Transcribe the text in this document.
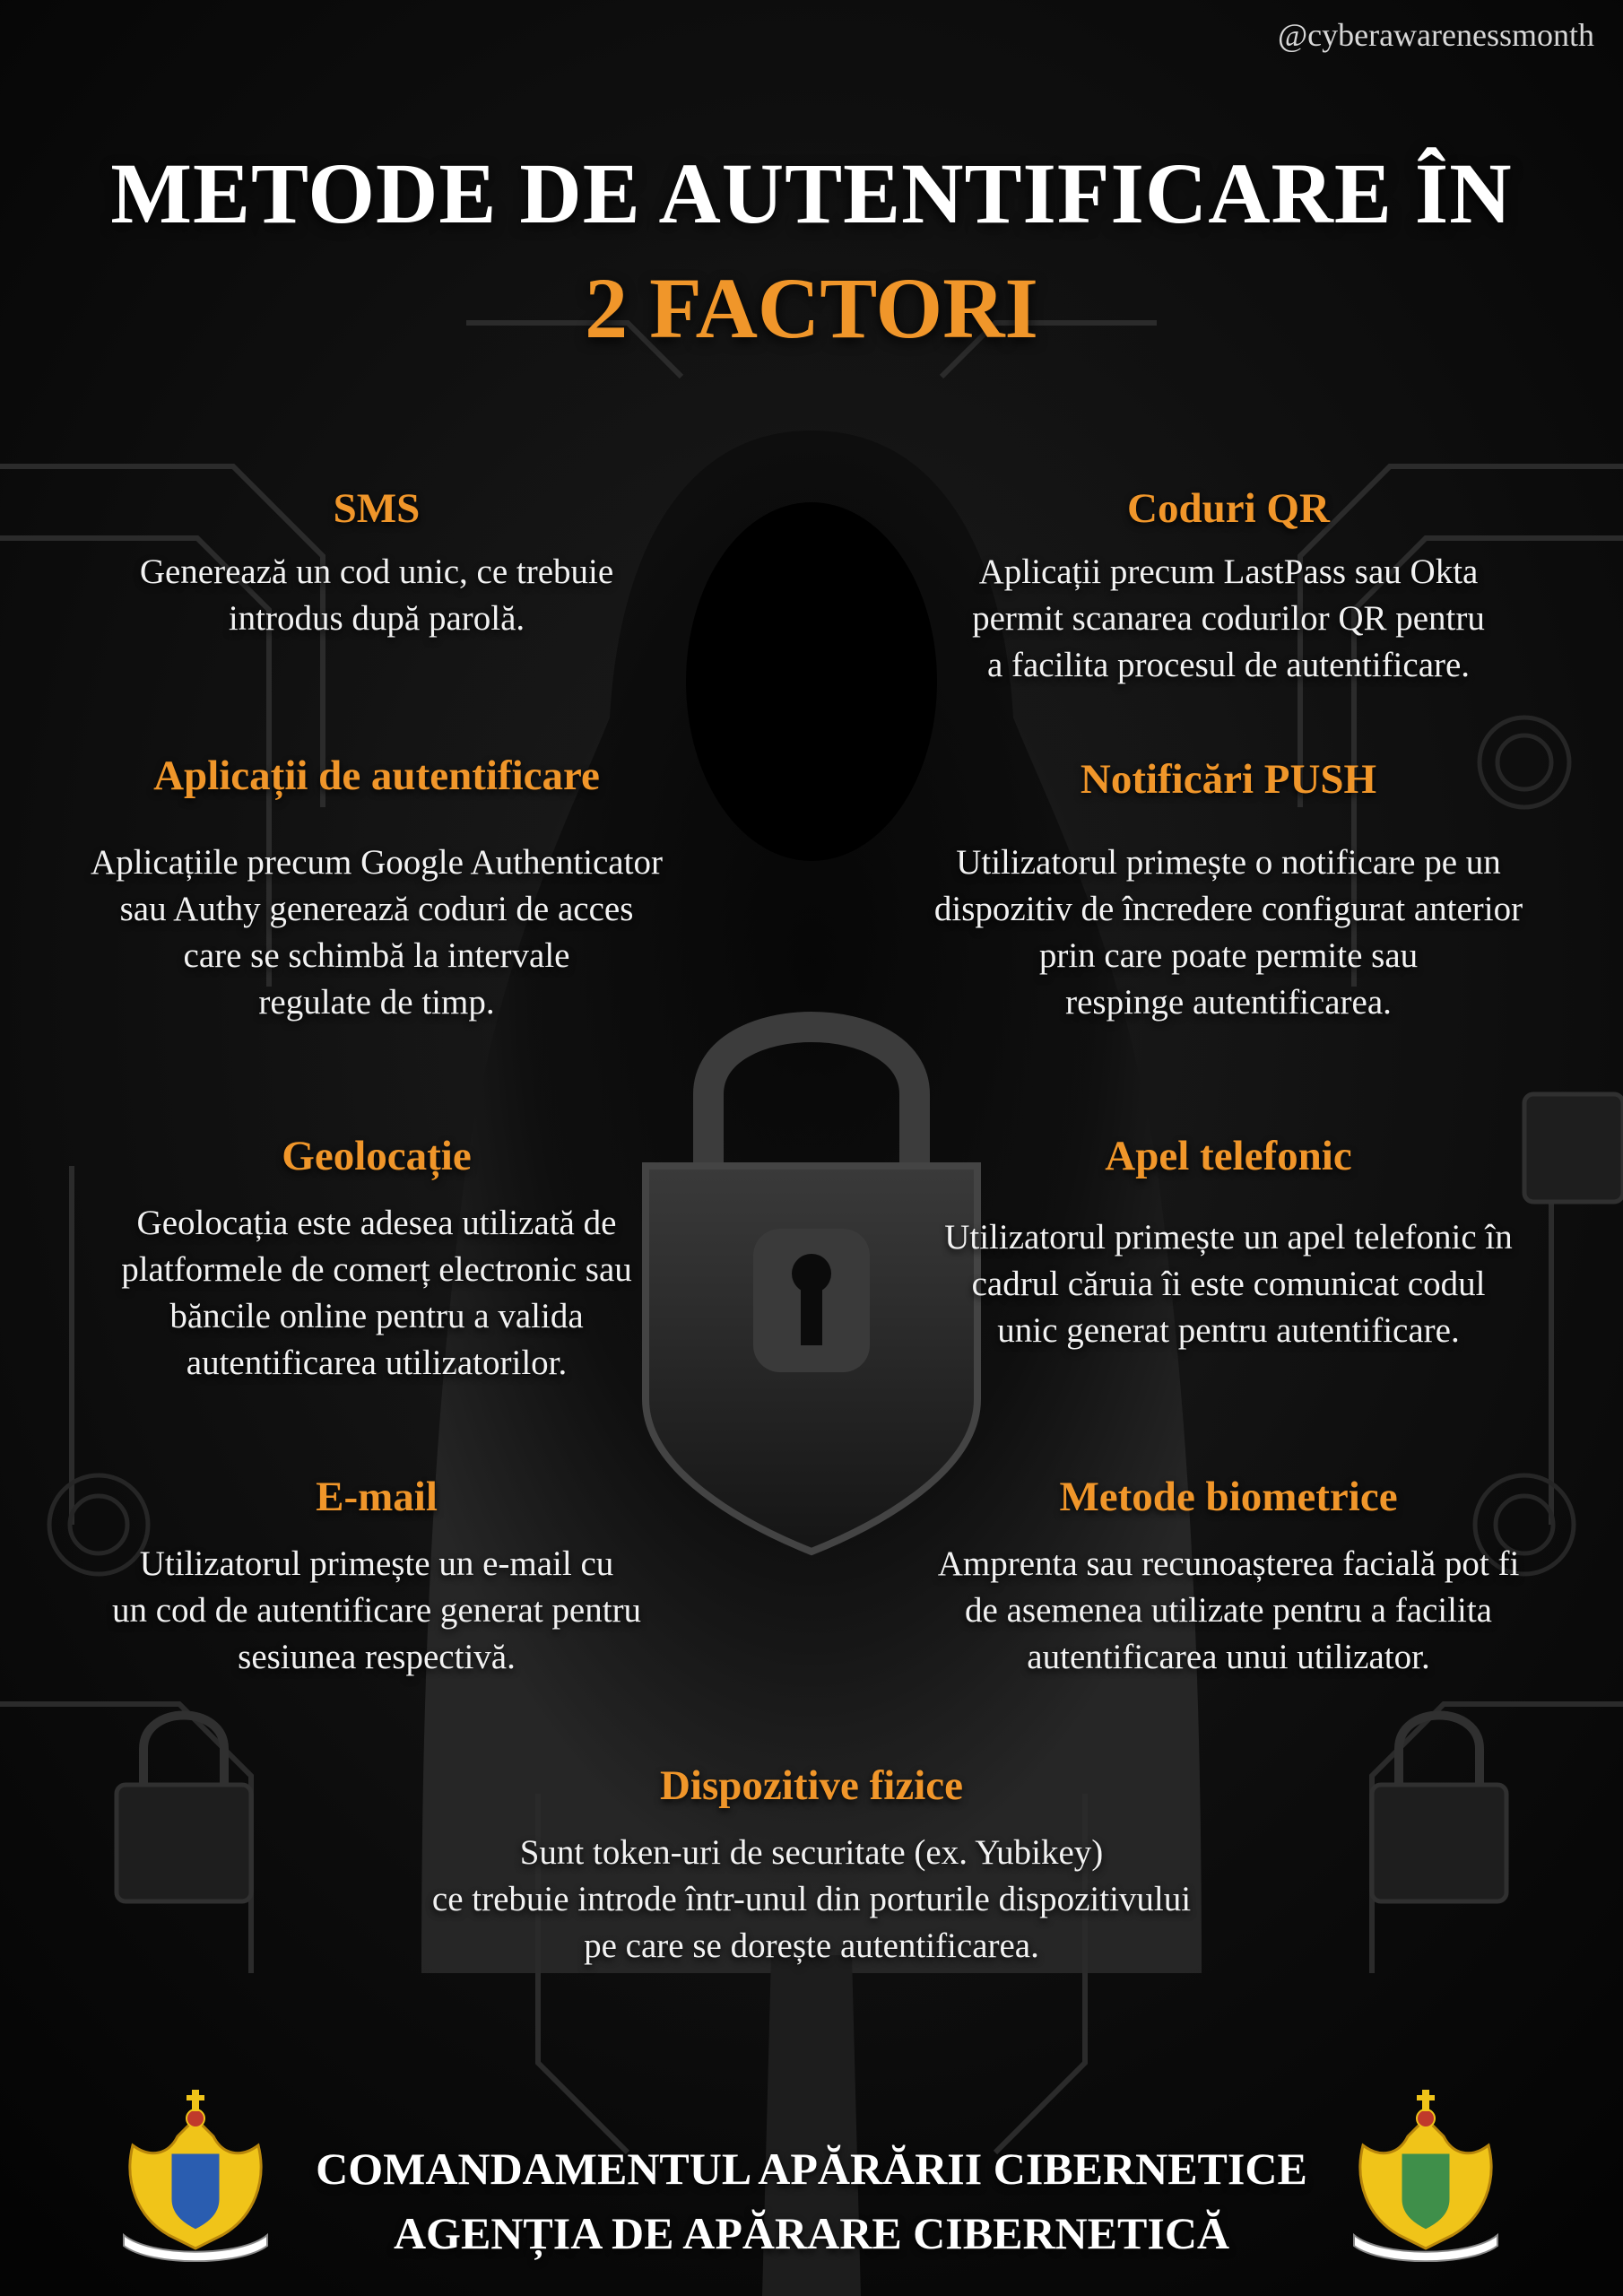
@cyberawarenessmonth
METODE DE AUTENTIFICARE ÎN
2 FACTORI
SMS
Generează un cod unic, ce trebuie
introdus după parolă.
Coduri QR
Aplicații precum LastPass sau Okta
permit scanarea codurilor QR pentru
a facilita procesul de autentificare.
Aplicații de autentificare
Aplicațiile precum Google Authenticator
sau Authy generează coduri de acces
care se schimbă la intervale
regulate de timp.
Notificări PUSH
Utilizatorul primește o notificare pe un
dispozitiv de încredere configurat anterior
prin care poate permite sau
respinge autentificarea.
Geolocație
Geolocația este adesea utilizată de
platformele de comerț electronic sau
băncile online pentru a valida
autentificarea utilizatorilor.
Apel telefonic
Utilizatorul primește un apel telefonic în
cadrul căruia îi este comunicat codul
unic generat pentru autentificare.
E-mail
Utilizatorul primește un e-mail cu
un cod de autentificare generat pentru
sesiunea respectivă.
Metode biometrice
Amprenta sau recunoașterea facială pot fi
de asemenea utilizate pentru a facilita
autentificarea unui utilizator.
Dispozitive fizice
Sunt token-uri de securitate (ex. Yubikey)
ce trebuie introde într-unul din porturile dispozitivului
pe care se dorește autentificarea.
COMANDAMENTUL APĂRĂRII CIBERNETICE
AGENȚIA DE APĂRARE CIBERNETICĂ
